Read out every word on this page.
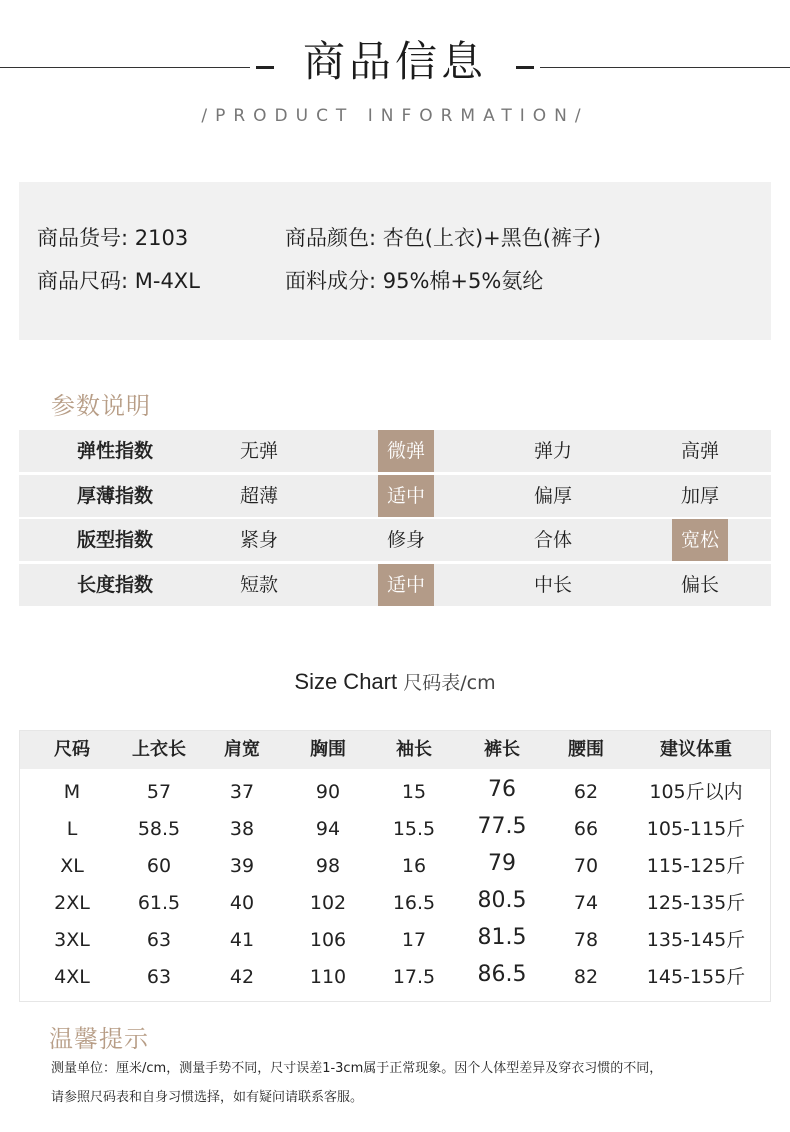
商品信息
/PRODUCT INFORMATION/
商品货号: 2103	商品颜色: 杏色(上衣)+黑色(裤子)
商品尺码: M-4XL	面料成分: 95%棉+5%氨纶
参数说明
弹性指数	无弹	微弹	弹力	高弹
厚薄指数	超薄	适中	偏厚	加厚
版型指数	紧身	修身	合体	宽松
长度指数	短款	适中	中长	偏长
Size Chart 尺码表/cm
尺码	上衣长	肩宽	胸围	袖长	裤长	腰围	建议体重
M	57	37	90	15	76	62	105斤以内
L	58.5	38	94	15.5	77.5	66	105-115斤
XL	60	39	98	16	79	70	115-125斤
2XL	61.5	40	102	16.5	80.5	74	125-135斤
3XL	63	41	106	17	81.5	78	135-145斤
4XL	63	42	110	17.5	86.5	82	145-155斤
温馨提示
测量单位：厘米/cm，测量手势不同，尺寸误差1-3cm属于正常现象。因个人体型差异及穿衣习惯的不同，
请参照尺码表和自身习惯选择，如有疑问请联系客服。
